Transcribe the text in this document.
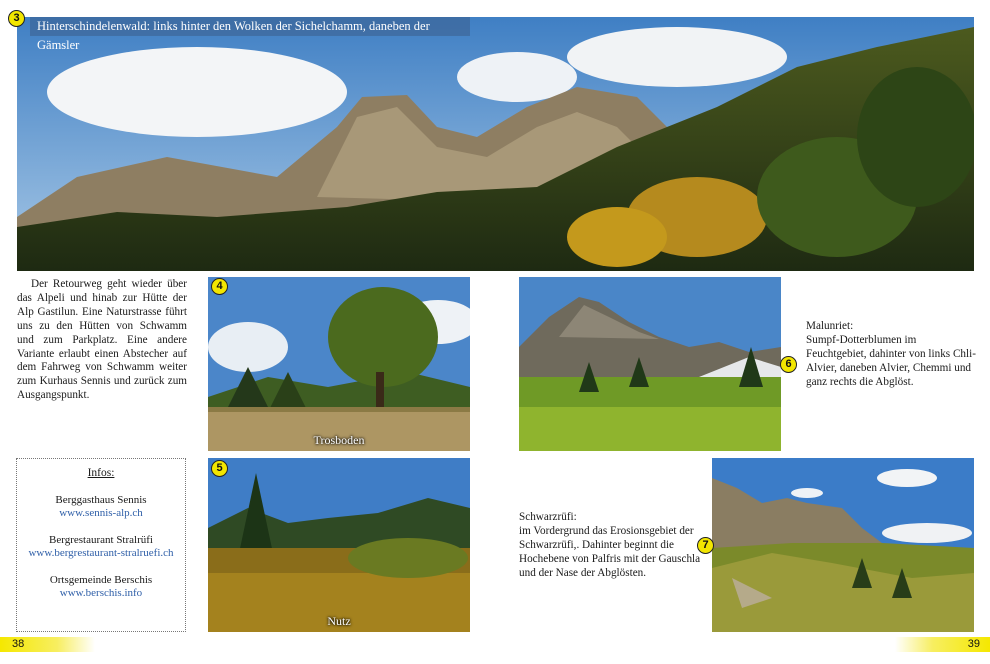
3
Hinterschindelenwald: links hinter den Wolken der Sichelchamm, daneben der Gämsler
Der Retourweg geht wieder über das Alpeli und hinab zur Hütte der Alp Gastilun. Eine Naturstrasse führt uns zu den Hütten von Schwamm und zum Parkplatz. Eine andere Variante erlaubt einen Abstecher auf dem Fahrweg von Schwamm weiter zum Kurhaus Sennis und zurück zum Ausgangspunkt.
Trosboden
4
6
Malunriet:
Sumpf-Dotterblumen im Feuchtgebiet, dahinter von links Chli-Alvier, daneben Alvier, Chemmi und ganz rechts die Abglöst.
Infos:
Berggasthaus Sennis
www.sennis-alp.ch
Bergrestaurant Stralrüfi
www.bergrestaurant-stralruefi.ch
Ortsgemeinde Berschis
www.berschis.info
Nutz
5
Schwarzrüfi:
im Vordergrund das Erosionsgebiet der Schwarzrüfi,. Dahinter beginnt die Hochebene von Palfris mit der Gauschla und der Nase der Abglösten.
7
38	39
